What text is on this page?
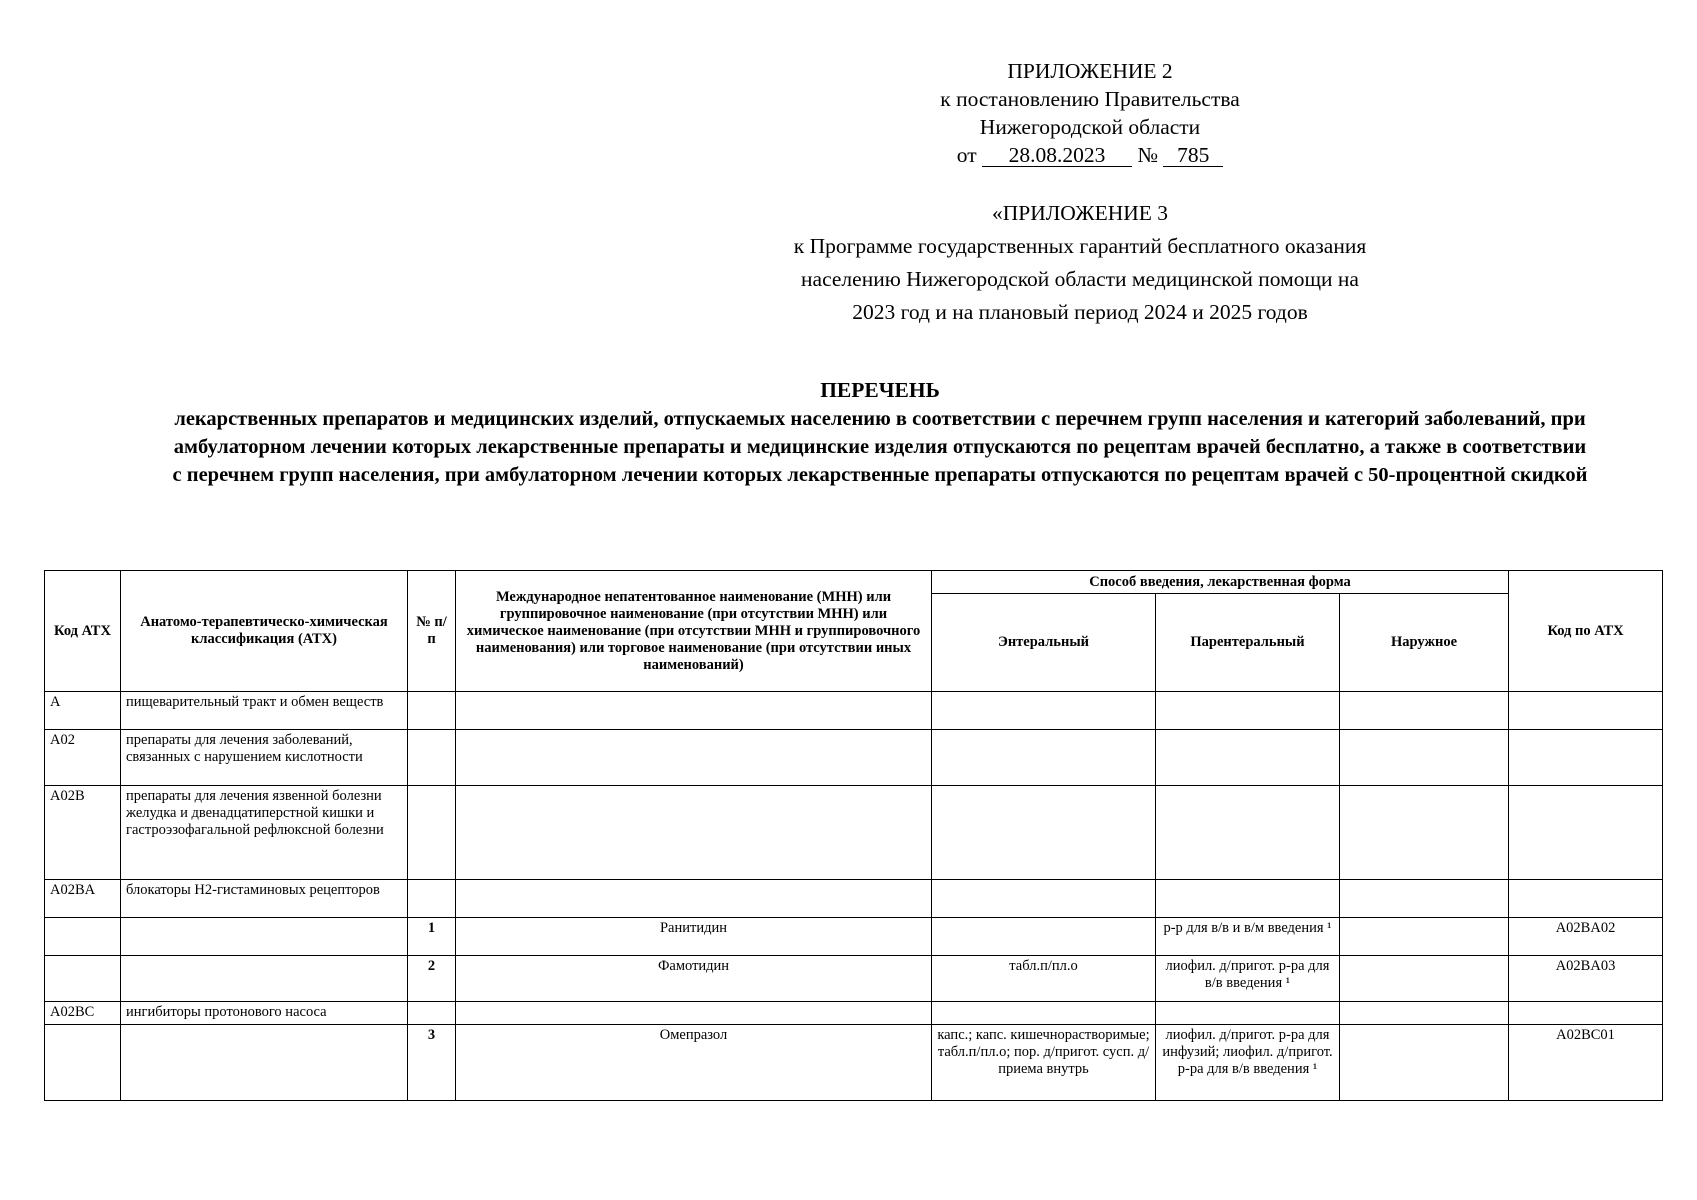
ПРИЛОЖЕНИЕ 2
к постановлению Правительства
Нижегородской области
от 28.08.2023 № 785
«ПРИЛОЖЕНИЕ 3
к Программе государственных гарантий бесплатного оказания
населению Нижегородской области медицинской помощи на
2023 год и на плановый период 2024 и 2025 годов
ПЕРЕЧЕНЬ
лекарственных препаратов и медицинских изделий, отпускаемых населению в соответствии с перечнем групп населения и категорий заболеваний, при амбулаторном лечении которых лекарственные препараты и медицинские изделия отпускаются по рецептам врачей бесплатно, а также в соответствии с перечнем групп населения, при амбулаторном лечении которых лекарственные препараты отпускаются по рецептам врачей с 50-процентной скидкой
Код АТХ	Анатомо-терапевтическо-химическая классификация (АТХ)	№ п/п	Международное непатентованное наименование (МНН) или группировочное наименование (при отсутствии МНН) или химическое наименование (при отсутствии МНН и группировочного наименования) или торговое наименование (при отсутствии иных наименований)	Способ введения, лекарственная форма			Код по АТХ
				Энтеральный	Парентеральный	Наружное	
A	пищеварительный тракт и обмен веществ						
A02	препараты для лечения заболеваний, связанных с нарушением кислотности						
A02B	препараты для лечения язвенной болезни желудка и двенадцатиперстной кишки и гастроэзофагальной рефлюксной болезни						
A02BA	блокаторы Н2-гистаминовых рецепторов						
		1	Ранитидин		р-р для в/в и в/м введения ¹		A02BA02
		2	Фамотидин	табл.п/пл.о	лиофил. д/пригот. р-ра для в/в введения ¹		A02BA03
A02BC	ингибиторы протонового насоса						
		3	Омепразол	капс.; капс. кишечнорастворимые; табл.п/пл.о; пор. д/пригот. сусп. д/приема внутрь	лиофил. д/пригот. р-ра для инфузий; лиофил. д/пригот. р-ра для в/в введения ¹		A02BC01
